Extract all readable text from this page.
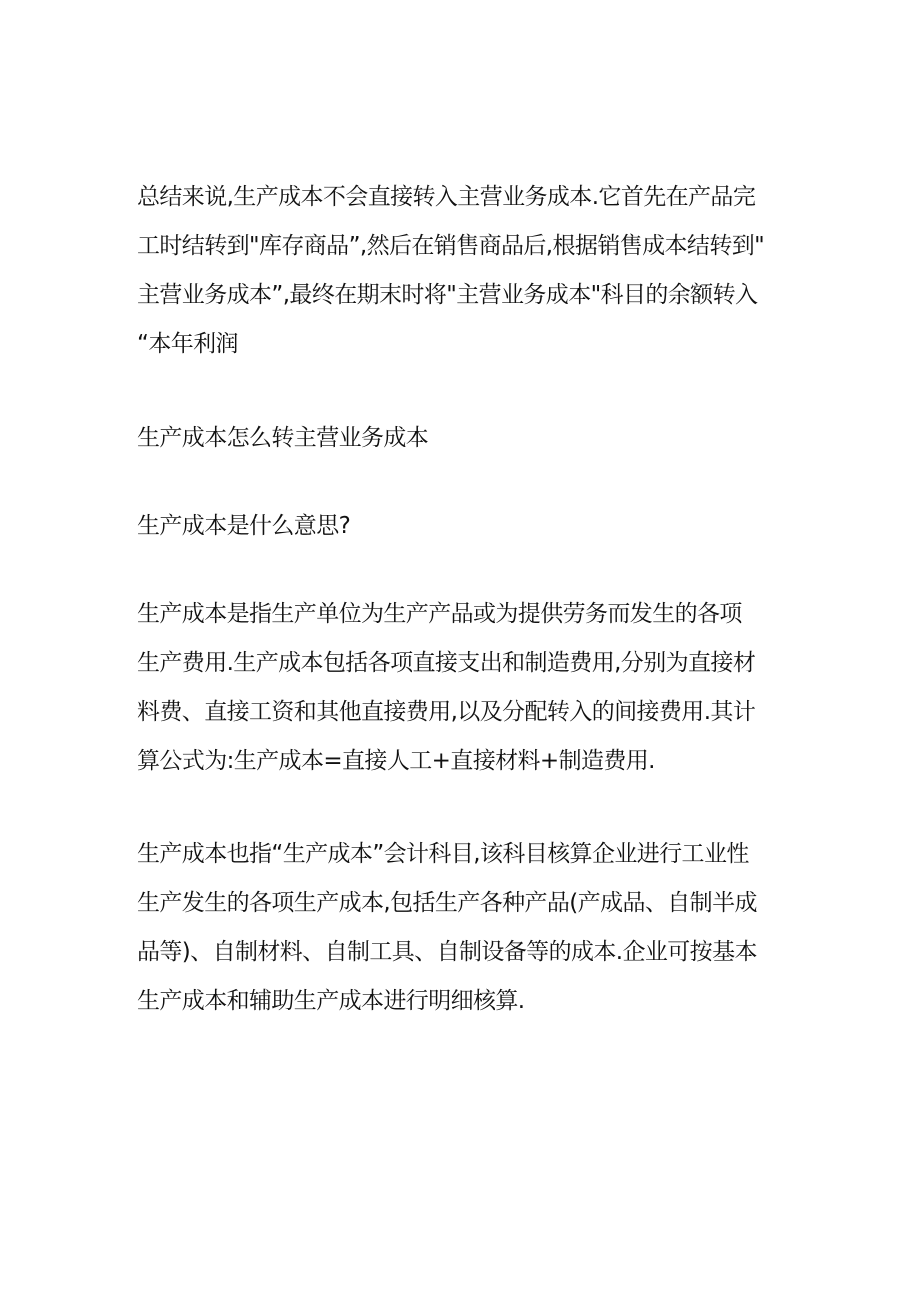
总结来说,生产成本不会直接转入主营业务成本.它首先在产品完
工时结转到"库存商品”,然后在销售商品后,根据销售成本结转到"
主营业务成本”,最终在期末时将"主营业务成本"科目的余额转入
“本年利润

生产成本怎么转主营业务成本

生产成本是什么意思?

生产成本是指生产单位为生产产品或为提供劳务而发生的各项
生产费用.生产成本包括各项直接支出和制造费用,分别为直接材
料费、直接工资和其他直接费用,以及分配转入的间接费用.其计
算公式为:生产成本=直接人工+直接材料+制造费用.

生产成本也指“生产成本”会计科目,该科目核算企业进行工业性
生产发生的各项生产成本,包括生产各种产品(产成品、自制半成
品等)、自制材料、自制工具、自制设备等的成本.企业可按基本
生产成本和辅助生产成本进行明细核算.
